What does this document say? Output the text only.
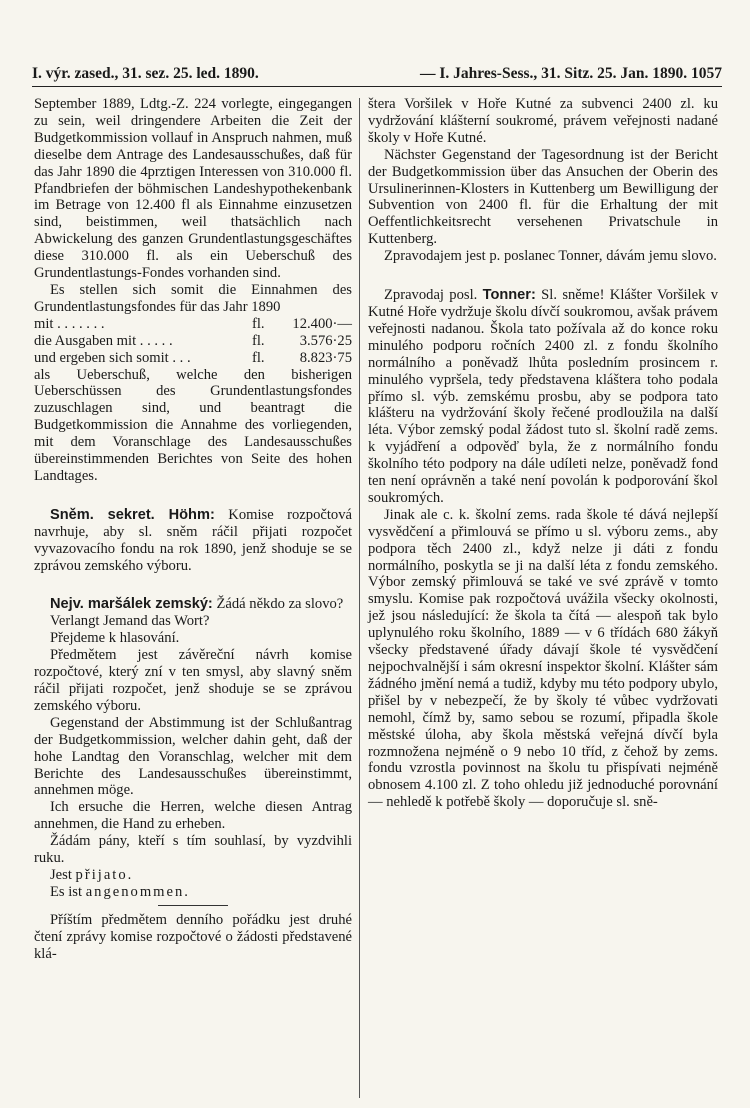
I. výr. zased., 31. sez. 25. led. 1890.	— I. Jahres-Sess., 31. Sitz. 25. Jan. 1890. 1057

September 1889, Ldtg.-Z. 224 vorlegte, eingegangen zu sein, weil dringendere Arbeiten die Zeit der Budgetkommission vollauf in Anspruch nahmen, muß dieselbe dem Antrage des Landesausschußes, daß für das Jahr 1890 die 4prztigen Interessen von 310.000 fl. Pfandbriefen der böhmischen Landeshypothekenbank im Betrage von 12.400 fl als Einnahme einzusetzen sind, beistimmen, weil thatsächlich nach Abwickelung des ganzen Grundentlastungsgeschäftes diese 310.000 fl. als ein Ueberschuß des Grundentlastungs-Fondes vorhanden sind.

Es stellen sich somit die Einnahmen des Grundentlastungsfondes für das Jahr 1890

mit . . . . . . .	fl.	12.400·—
die Ausgaben mit . . . . .	fl.	3.576·25
und ergeben sich somit . . .	fl.	8.823·75

als Ueberschuß, welche den bisherigen Ueberschüssen des Grundentlastungsfondes zuzuschlagen sind, und beantragt die Budgetkommission die Annahme des vorliegenden, mit dem Voranschlage des Landesausschußes übereinstimmenden Berichtes von Seite des hohen Landtages.

Sněm. sekret. Höhm: Komise rozpočtová navrhuje, aby sl. sněm ráčil přijati rozpočet vyvazovacího fondu na rok 1890, jenž shoduje se se zprávou zemského výboru.

Nejv. maršálek zemský: Žádá někdo za slovo?

Verlangt Jemand das Wort?

Přejdeme k hlasování.

Předmětem jest závěreční návrh komise rozpočtové, který zní v ten smysl, aby slavný sněm ráčil přijati rozpočet, jenž shoduje se se zprávou zemského výboru.

Gegenstand der Abstimmung ist der Schlußantrag der Budgetkommission, welcher dahin geht, daß der hohe Landtag den Voranschlag, welcher mit dem Berichte des Landesausschußes übereinstimmt, annehmen möge.

Ich ersuche die Herren, welche diesen Antrag annehmen, die Hand zu erheben.

Žádám pány, kteří s tím souhlasí, by vyzdvihli ruku.

Jest přijato.

Es ist angenommen.

Příštím předmětem denního pořádku jest druhé čtení zprávy komise rozpočtové o žádosti představené klá-

štera Voršilek v Hoře Kutné za subvenci 2400 zl. ku vydržování klášterní soukromé, právem veřejnosti nadané školy v Hoře Kutné.

Nächster Gegenstand der Tagesordnung ist der Bericht der Budgetkommission über das Ansuchen der Oberin des Ursulinerinnen-Klosters in Kuttenberg um Bewilligung der Subvention von 2400 fl. für die Erhaltung der mit Oeffentlichkeitsrecht versehenen Privatschule in Kuttenberg.

Zpravodajem jest p. poslanec Tonner, dávám jemu slovo.

Zpravodaj posl. Tonner: Sl. sněme! Klášter Voršilek v Kutné Hoře vydržuje školu dívčí soukromou, avšak právem veřejnosti nadanou. Škola tato požívala až do konce roku minulého podporu ročních 2400 zl. z fondu školního normálního a poněvadž lhůta posledním prosincem r. minulého vypršela, tedy představena kláštera toho podala přímo sl. výb. zemskému prosbu, aby se podpora tato klášteru na vydržování školy řečené prodloužila na další léta. Výbor zemský podal žádost tuto sl. školní radě zems. k vyjádření a odpověď byla, že z normálního fondu školního této podpory na dále udíleti nelze, poněvadž fond ten není oprávněn a také není povolán k podporování škol soukromých.

Jinak ale c. k. školní zems. rada škole té dává nejlepší vysvědčení a přimlouvá se přímo u sl. výboru zems., aby podpora těch 2400 zl., když nelze ji dáti z fondu normálního, poskytla se ji na další léta z fondu zemského. Výbor zemský přimlouvá se také ve své zprávě v tomto smyslu. Komise pak rozpočtová uvážila všecky okolnosti, jež jsou následující: že škola ta čítá — alespoň tak bylo uplynulého roku školního, 1889 — v 6 třídách 680 žákyň všecky představené úřady dávají škole té vysvědčení nejpochvalnější i sám okresní inspektor školní. Klášter sám žádného jmění nemá a tudiž, kdyby mu této podpory ubylo, přišel by v nebezpečí, že by školy té vůbec vydržovati nemohl, čímž by, samo sebou se rozumí, připadla škole městské úloha, aby škola městská veřejná dívčí byla rozmnožena nejméně o 9 nebo 10 tříd, z čehož by zems. fondu vzrostla povinnost na školu tu přispívati nejméně obnosem 4.100 zl. Z toho ohledu již jednoduché porovnání — nehledě k potřebě školy — doporučuje sl. sně-
